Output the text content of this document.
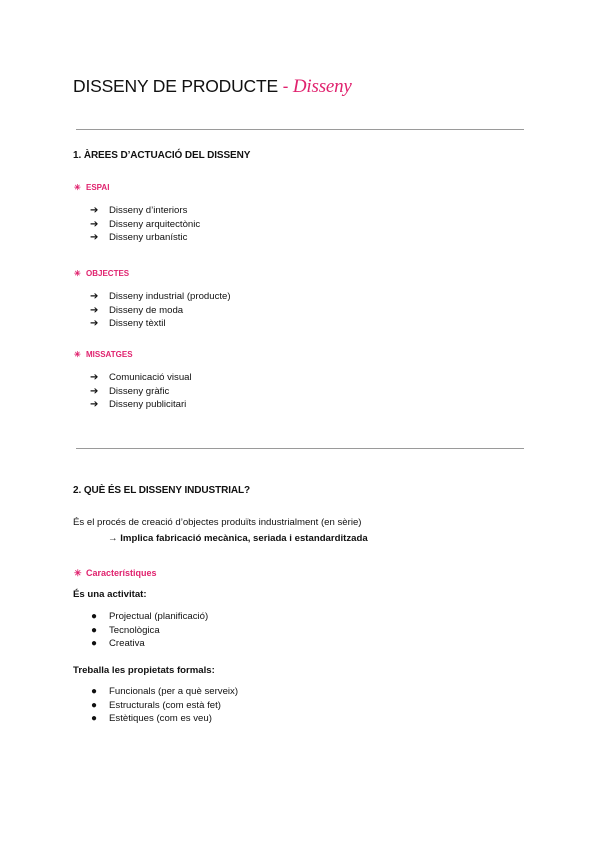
DISSENY DE PRODUCTE - Disseny
1. ÀREES D’ACTUACIÓ DEL DISSENY
✳ ESPAI
➔ Disseny d’interiors
➔ Disseny arquitectònic
➔ Disseny urbanístic
✳ OBJECTES
➔ Disseny industrial (producte)
➔ Disseny de moda
➔ Disseny tèxtil
✳ MISSATGES
➔ Comunicació visual
➔ Disseny gràfic
➔ Disseny publicitari
2. QUÈ ÉS EL DISSENY INDUSTRIAL?
És el procés de creació d’objectes produïts industrialment (en sèrie)
→ Implica fabricació mecànica, seriada i estandarditzada
✳ Característiques
És una activitat:
● Projectual (planificació)
● Tecnològica
● Creativa
Treballa les propietats formals:
● Funcionals (per a què serveix)
● Estructurals (com està fet)
● Estètiques (com es veu)
